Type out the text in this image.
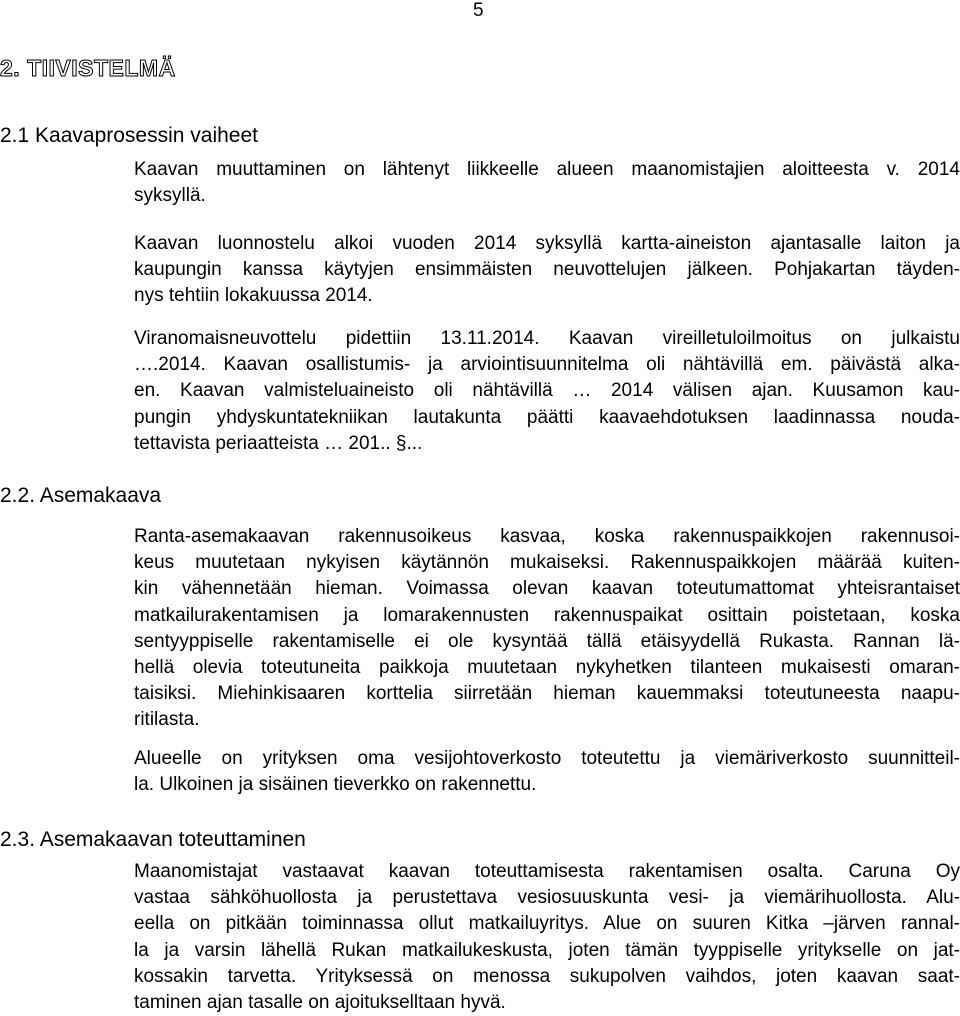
5
2. TIIVISTELMÄ
2.1 Kaavaprosessin vaiheet
Kaavan muuttaminen on lähtenyt liikkeelle alueen maanomistajien aloitteesta v. 2014
syksyllä.
Kaavan luonnostelu alkoi vuoden 2014 syksyllä kartta-aineiston ajantasalle laiton ja
kaupungin kanssa käytyjen ensimmäisten neuvottelujen jälkeen. Pohjakartan täyden-
nys tehtiin lokakuussa 2014.
Viranomaisneuvottelu pidettiin 13.11.2014. Kaavan vireilletuloilmoitus on julkaistu
….2014. Kaavan osallistumis- ja arviointisuunnitelma oli nähtävillä em. päivästä alka-
en. Kaavan valmisteluaineisto oli nähtävillä … 2014 välisen ajan. Kuusamon kau-
pungin yhdyskuntatekniikan lautakunta päätti kaavaehdotuksen laadinnassa nouda-
tettavista periaatteista … 201.. §...
2.2. Asemakaava
Ranta-asemakaavan rakennusoikeus kasvaa, koska rakennuspaikkojen rakennusoi-
keus muutetaan nykyisen käytännön mukaiseksi. Rakennuspaikkojen määrää kuiten-
kin vähennetään hieman. Voimassa olevan kaavan toteutumattomat yhteisrantaiset
matkailurakentamisen ja lomarakennusten rakennuspaikat osittain poistetaan, koska
sentyyppiselle rakentamiselle ei ole kysyntää tällä etäisyydellä Rukasta. Rannan lä-
hellä olevia toteutuneita paikkoja muutetaan nykyhetken tilanteen mukaisesti omaran-
taisiksi. Miehinkisaaren korttelia siirretään hieman kauemmaksi toteutuneesta naapu-
ritilasta.
Alueelle on yrityksen oma vesijohtoverkosto toteutettu ja viemäriverkosto suunnitteil-
la. Ulkoinen ja sisäinen tieverkko on rakennettu.
2.3. Asemakaavan toteuttaminen
Maanomistajat vastaavat kaavan toteuttamisesta rakentamisen osalta. Caruna Oy
vastaa sähköhuollosta ja perustettava vesiosuuskunta vesi- ja viemärihuollosta. Alu-
eella on pitkään toiminnassa ollut matkailuyritys. Alue on suuren Kitka –järven rannal-
la ja varsin lähellä Rukan matkailukeskusta, joten tämän tyyppiselle yritykselle on jat-
kossakin tarvetta. Yrityksessä on menossa sukupolven vaihdos, joten kaavan saat-
taminen ajan tasalle on ajoitukselltaan hyvä.
